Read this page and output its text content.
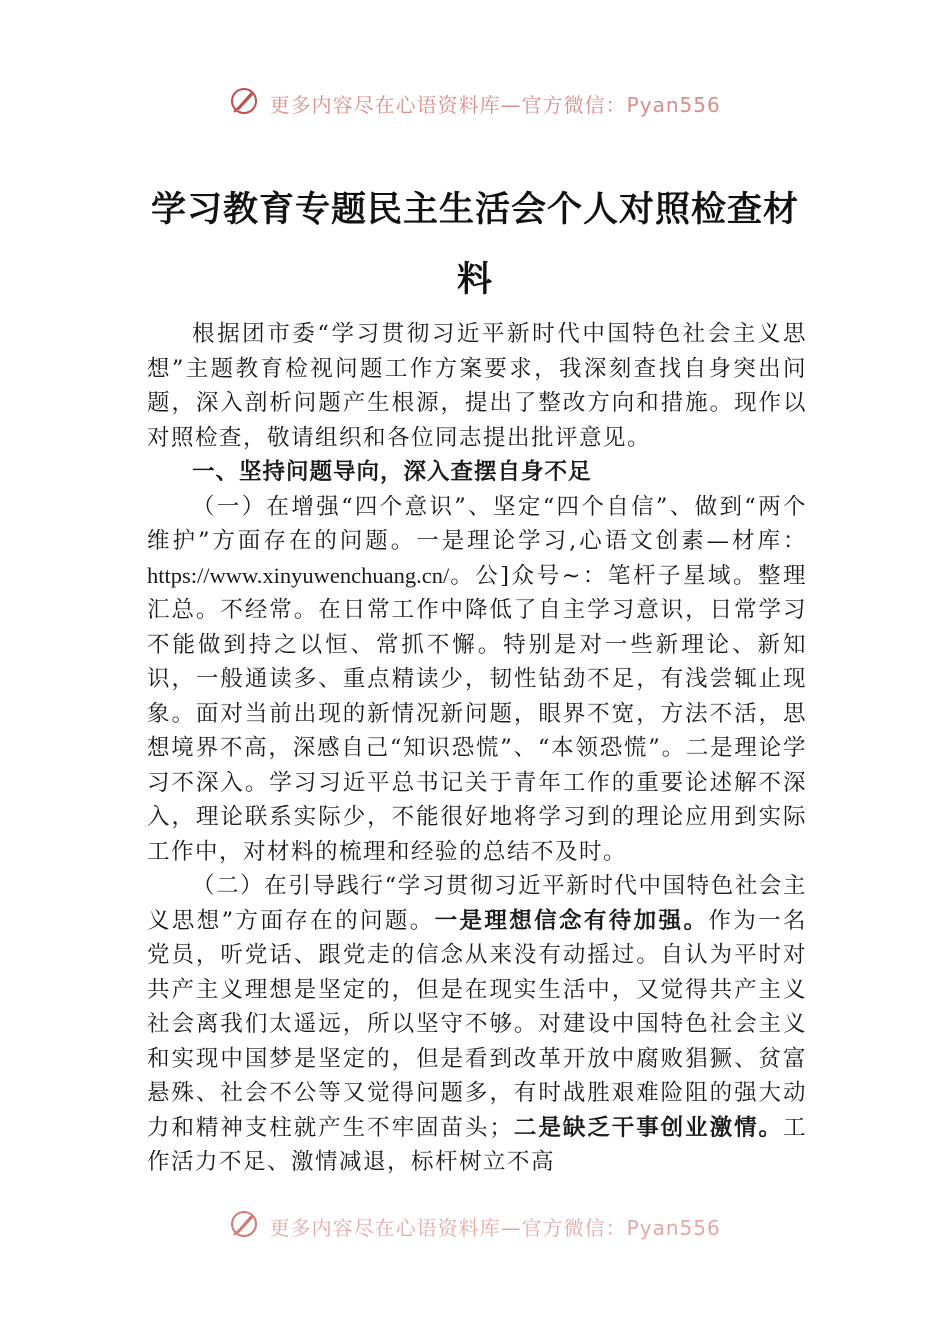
更多内容尽在心语资料库—官方微信：Pyan556
学习教育专题民主生活会个人对照检查材料

根据团市委“学习贯彻习近平新时代中国特色社会主义思想”主题教育检视问题工作方案要求，我深刻查找自身突出问题，深入剖析问题产生根源，提出了整改方向和措施。现作以对照检查，敬请组织和各位同志提出批评意见。

一、坚持问题导向，深入查摆自身不足

（一）在增强“四个意识”、坚定“四个自信”、做到“两个维护”方面存在的问题。一是理论学习,心语文创素—材库：https://www.xinyuwenchuang.cn/。公]众号~：笔杆子星域。整理汇总。不经常。在日常工作中降低了自主学习意识，日常学习不能做到持之以恒、常抓不懈。特别是对一些新理论、新知识，一般通读多、重点精读少，韧性钻劲不足，有浅尝辄止现象。面对当前出现的新情况新问题，眼界不宽，方法不活，思想境界不高，深感自己“知识恐慌”、“本领恐慌”。二是理论学习不深入。学习习近平总书记关于青年工作的重要论述解不深入，理论联系实际少，不能很好地将学习到的理论应用到实际工作中，对材料的梳理和经验的总结不及时。

（二）在引导践行“学习贯彻习近平新时代中国特色社会主义思想”方面存在的问题。一是理想信念有待加强。作为一名党员，听党话、跟党走的信念从来没有动摇过。自认为平时对共产主义理想是坚定的，但是在现实生活中，又觉得共产主义社会离我们太遥远，所以坚守不够。对建设中国特色社会主义和实现中国梦是坚定的，但是看到改革开放中腐败猖獗、贫富悬殊、社会不公等又觉得问题多，有时战胜艰难险阻的强大动力和精神支柱就产生不牢固苗头；二是缺乏干事创业激情。工作活力不足、激情减退，标杆树立不高

更多内容尽在心语资料库—官方微信：Pyan556
